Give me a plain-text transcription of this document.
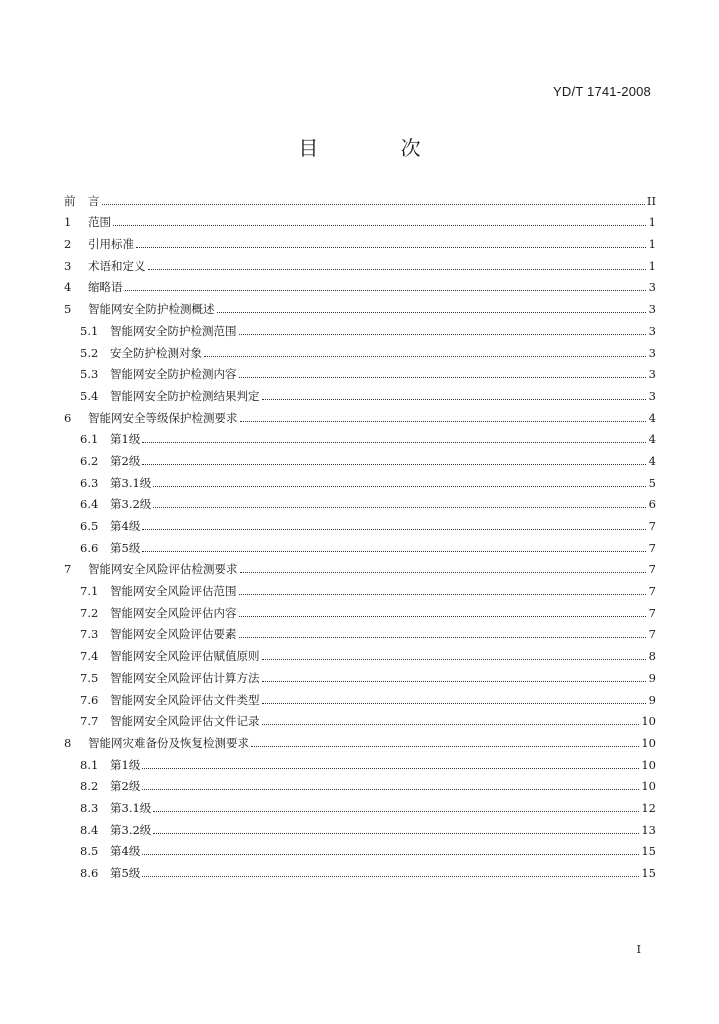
YD/T 1741-2008
目 次
前	言	II
1	范围	1
2	引用标准	1
3	术语和定义	1
4	缩略语	3
5	智能网安全防护检测概述	3
5.1	智能网安全防护检测范围	3
5.2	安全防护检测对象	3
5.3	智能网安全防护检测内容	3
5.4	智能网安全防护检测结果判定	3
6	智能网安全等级保护检测要求	4
6.1	第1级	4
6.2	第2级	4
6.3	第3.1级	5
6.4	第3.2级	6
6.5	第4级	7
6.6	第5级	7
7	智能网安全风险评估检测要求	7
7.1	智能网安全风险评估范围	7
7.2	智能网安全风险评估内容	7
7.3	智能网安全风险评估要素	7
7.4	智能网安全风险评估赋值原则	8
7.5	智能网安全风险评估计算方法	9
7.6	智能网安全风险评估文件类型	9
7.7	智能网安全风险评估文件记录	10
8	智能网灾难备份及恢复检测要求	10
8.1	第1级	10
8.2	第2级	10
8.3	第3.1级	12
8.4	第3.2级	13
8.5	第4级	15
8.6	第5级	15
I
